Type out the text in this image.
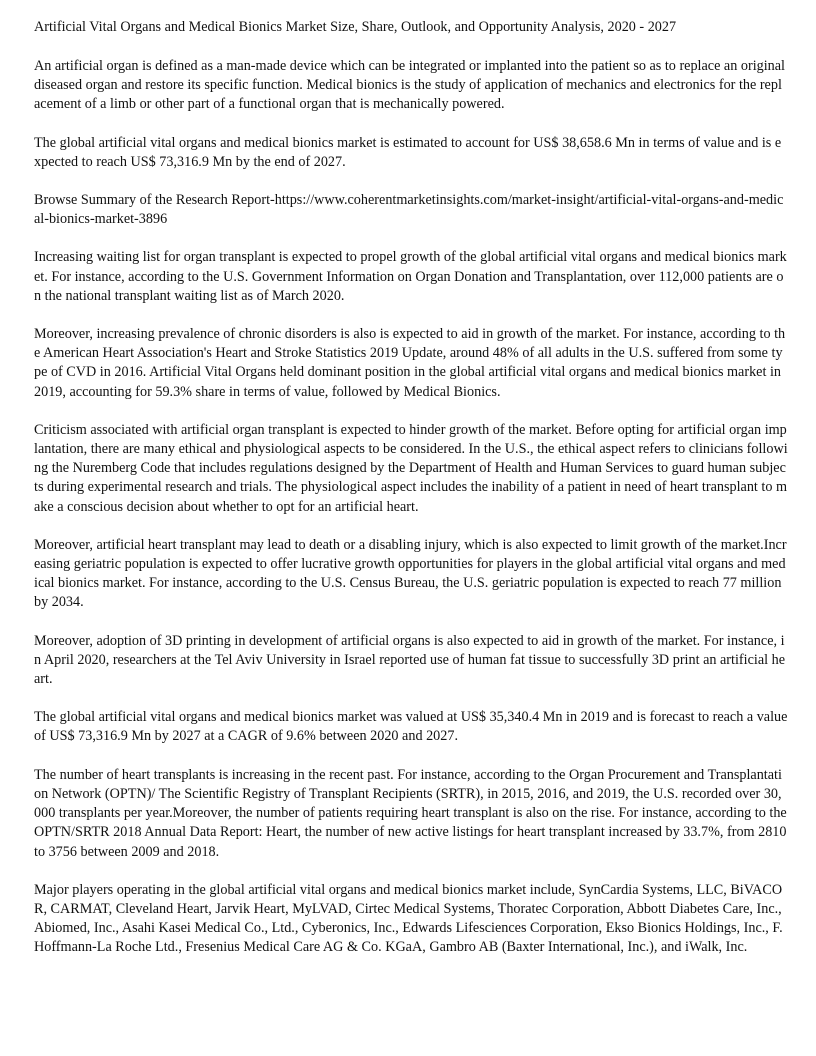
Artificial Vital Organs and Medical Bionics Market Size, Share, Outlook, and Opportunity Analysis, 2020 - 2027

An artificial organ is defined as a man-made device which can be integrated or implanted into the patient so as to replace an original diseased organ and restore its specific function. Medical bionics is the study of application of mechanics and electronics for the replacement of a limb or other part of a functional organ that is mechanically powered.

The global artificial vital organs and medical bionics market is estimated to account for US$ 38,658.6 Mn in terms of value and is expected to reach US$ 73,316.9 Mn by the end of 2027.

Browse Summary of the Research Report-https://www.coherentmarketinsights.com/market-insight/artificial-vital-organs-and-medical-bionics-market-3896

Increasing waiting list for organ transplant is expected to propel growth of the global artificial vital organs and medical bionics market. For instance, according to the U.S. Government Information on Organ Donation and Transplantation, over 112,000 patients are on the national transplant waiting list as of March 2020.

Moreover, increasing prevalence of chronic disorders is also is expected to aid in growth of the market. For instance, according to the American Heart Association's Heart and Stroke Statistics 2019 Update, around 48% of all adults in the U.S. suffered from some type of CVD in 2016. Artificial Vital Organs held dominant position in the global artificial vital organs and medical bionics market in 2019, accounting for 59.3% share in terms of value, followed by Medical Bionics.

Criticism associated with artificial organ transplant is expected to hinder growth of the market. Before opting for artificial organ implantation, there are many ethical and physiological aspects to be considered. In the U.S., the ethical aspect refers to clinicians following the Nuremberg Code that includes regulations designed by the Department of Health and Human Services to guard human subjects during experimental research and trials. The physiological aspect includes the inability of a patient in need of heart transplant to make a conscious decision about whether to opt for an artificial heart.

Moreover, artificial heart transplant may lead to death or a disabling injury, which is also expected to limit growth of the market.Increasing geriatric population is expected to offer lucrative growth opportunities for players in the global artificial vital organs and medical bionics market. For instance, according to the U.S. Census Bureau, the U.S. geriatric population is expected to reach 77 million by 2034.

Moreover, adoption of 3D printing in development of artificial organs is also expected to aid in growth of the market. For instance, in April 2020, researchers at the Tel Aviv University in Israel reported use of human fat tissue to successfully 3D print an artificial heart.

The global artificial vital organs and medical bionics market was valued at US$ 35,340.4 Mn in 2019 and is forecast to reach a value of US$ 73,316.9 Mn by 2027 at a CAGR of 9.6% between 2020 and 2027.

The number of heart transplants is increasing in the recent past. For instance, according to the Organ Procurement and Transplantation Network (OPTN)/ The Scientific Registry of Transplant Recipients (SRTR), in 2015, 2016, and 2019, the U.S. recorded over 30,000 transplants per year.Moreover, the number of patients requiring heart transplant is also on the rise. For instance, according to the OPTN/SRTR 2018 Annual Data Report: Heart, the number of new active listings for heart transplant increased by 33.7%, from 2810 to 3756 between 2009 and 2018.

Major players operating in the global artificial vital organs and medical bionics market include, SynCardia Systems, LLC, BiVACOR, CARMAT, Cleveland Heart, Jarvik Heart, MyLVAD, Cirtec Medical Systems, Thoratec Corporation, Abbott Diabetes Care, Inc., Abiomed, Inc., Asahi Kasei Medical Co., Ltd., Cyberonics, Inc., Edwards Lifesciences Corporation, Ekso Bionics Holdings, Inc., F. Hoffmann-La Roche Ltd., Fresenius Medical Care AG & Co. KGaA, Gambro AB (Baxter International, Inc.), and iWalk, Inc.
